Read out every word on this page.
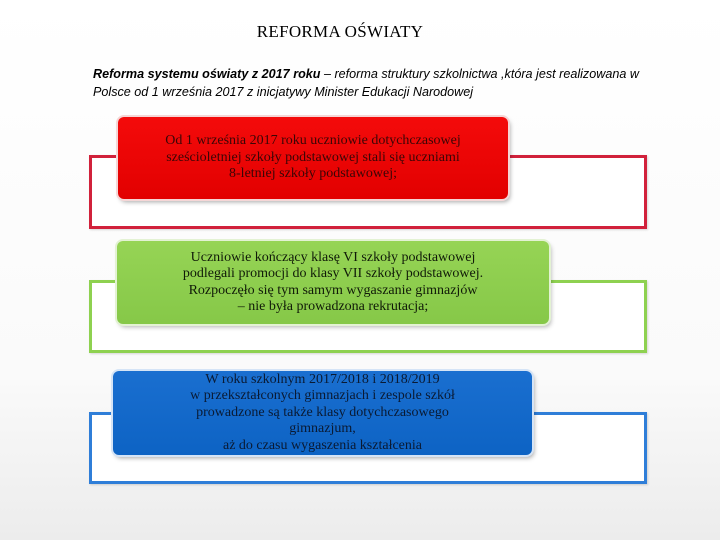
REFORMA OŚWIATY
Reforma systemu oświaty z 2017 roku – reforma struktury szkolnictwa ,która jest realizowana w Polsce od 1 września 2017 z inicjatywy Minister Edukacji Narodowej
Od 1 września 2017 roku uczniowie dotychczasowej
sześcioletniej szkoły podstawowej stali się uczniami
8-letniej szkoły podstawowej;
Uczniowie kończący klasę VI szkoły podstawowej
podlegali promocji do klasy VII szkoły podstawowej.
Rozpoczęło się tym samym wygaszanie gimnazjów
– nie była prowadzona rekrutacja;
W roku szkolnym 2017/2018 i 2018/2019
w przekształconych gimnazjach i zespole szkół
prowadzone są także klasy dotychczasowego
gimnazjum,
aż do czasu wygaszenia kształcenia
